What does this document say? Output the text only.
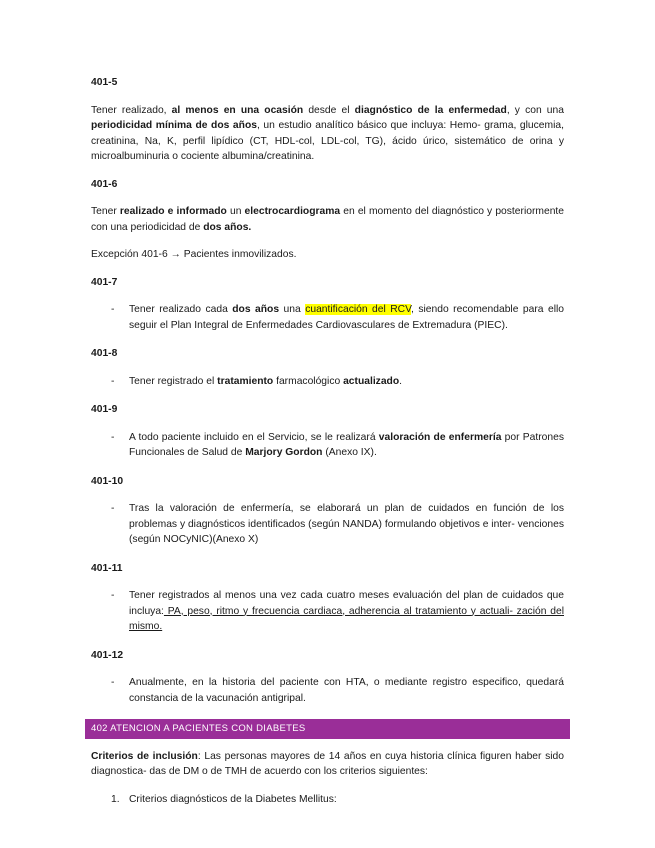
401-5

Tener realizado, al menos en una ocasión desde el diagnóstico de la enfermedad, y con una periodicidad mínima de dos años, un estudio analítico básico que incluya: Hemo- grama, glucemia, creatinina, Na, K, perfil lipídico (CT, HDL-col, LDL-col, TG), ácido úrico, sistemático de orina y microalbuminuria o cociente albumina/creatinina.

401-6

Tener realizado e informado un electrocardiograma en el momento del diagnóstico y posteriormente con una periodicidad de dos años.

Excepción 401-6 → Pacientes inmovilizados.

401-7
- Tener realizado cada dos años una cuantificación del RCV, siendo recomendable para ello seguir el Plan Integral de Enfermedades Cardiovasculares de Extremadura (PIEC).
401-8
- Tener registrado el tratamiento farmacológico actualizado.
401-9
- A todo paciente incluido en el Servicio, se le realizará valoración de enfermería por Patrones Funcionales de Salud de Marjory Gordon (Anexo IX).
401-10
- Tras la valoración de enfermería, se elaborará un plan de cuidados en función de los problemas y diagnósticos identificados (según NANDA) formulando objetivos e inter- venciones (según NOCyNIC)(Anexo X)
401-11
- Tener registrados al menos una vez cada cuatro meses evaluación del plan de cuidados que incluya: PA, peso, ritmo y frecuencia cardiaca, adherencia al tratamiento y actuali- zación del mismo.
401-12
- Anualmente, en la historia del paciente con HTA, o mediante registro especifico, quedará constancia de la vacunación antigripal.
402 ATENCION A PACIENTES CON DIABETES

Criterios de inclusión: Las personas mayores de 14 años en cuya historia clínica figuren haber sido diagnostica- das de DM o de TMH de acuerdo con los criterios siguientes:

1. Criterios diagnósticos de la Diabetes Mellitus:
